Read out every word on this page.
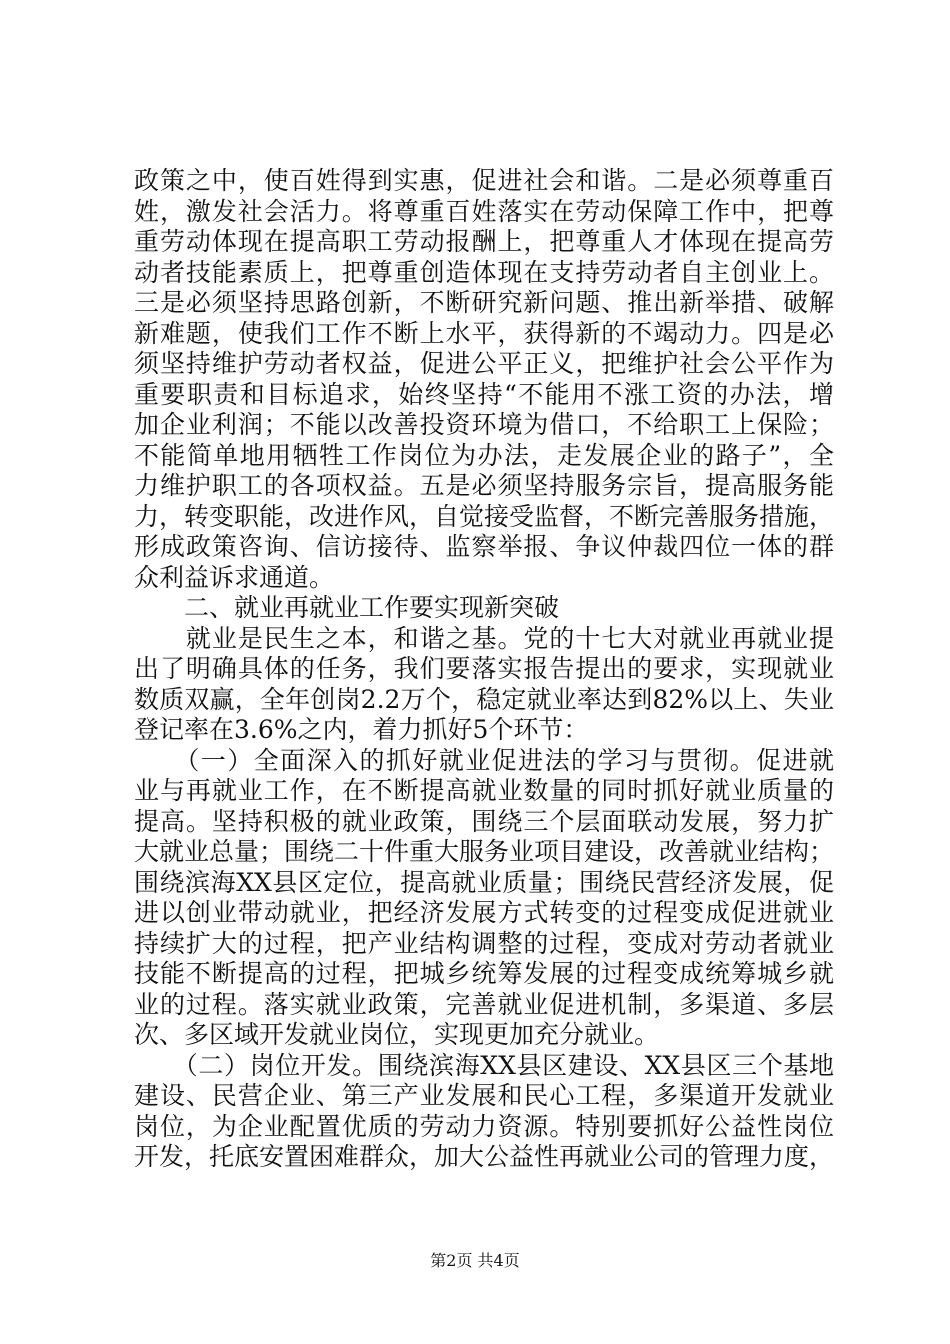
政策之中，使百姓得到实惠，促进社会和谐。二是必须尊重百
姓，激发社会活力。将尊重百姓落实在劳动保障工作中，把尊
重劳动体现在提高职工劳动报酬上，把尊重人才体现在提高劳
动者技能素质上，把尊重创造体现在支持劳动者自主创业上。
三是必须坚持思路创新，不断研究新问题、推出新举措、破解
新难题，使我们工作不断上水平，获得新的不竭动力。四是必
须坚持维护劳动者权益，促进公平正义，把维护社会公平作为
重要职责和目标追求，始终坚持“不能用不涨工资的办法，增
加企业利润；不能以改善投资环境为借口，不给职工上保险；
不能简单地用牺牲工作岗位为办法，走发展企业的路子”，全
力维护职工的各项权益。五是必须坚持服务宗旨，提高服务能
力，转变职能，改进作风，自觉接受监督，不断完善服务措施，
形成政策咨询、信访接待、监察举报、争议仲裁四位一体的群
众利益诉求通道。
　　二、就业再就业工作要实现新突破
　　就业是民生之本，和谐之基。党的十七大对就业再就业提
出了明确具体的任务，我们要落实报告提出的要求，实现就业
数质双赢，全年创岗2.2万个，稳定就业率达到82%以上、失业
登记率在3.6%之内，着力抓好5个环节：
　　（一）全面深入的抓好就业促进法的学习与贯彻。促进就
业与再就业工作，在不断提高就业数量的同时抓好就业质量的
提高。坚持积极的就业政策，围绕三个层面联动发展，努力扩
大就业总量；围绕二十件重大服务业项目建设，改善就业结构；
围绕滨海XX县区定位，提高就业质量；围绕民营经济发展，促
进以创业带动就业，把经济发展方式转变的过程变成促进就业
持续扩大的过程，把产业结构调整的过程，变成对劳动者就业
技能不断提高的过程，把城乡统筹发展的过程变成统筹城乡就
业的过程。落实就业政策，完善就业促进机制，多渠道、多层
次、多区域开发就业岗位，实现更加充分就业。
　　（二）岗位开发。围绕滨海XX县区建设、XX县区三个基地
建设、民营企业、第三产业发展和民心工程，多渠道开发就业
岗位，为企业配置优质的劳动力资源。特别要抓好公益性岗位
开发，托底安置困难群众，加大公益性再就业公司的管理力度，
第2页 共4页
